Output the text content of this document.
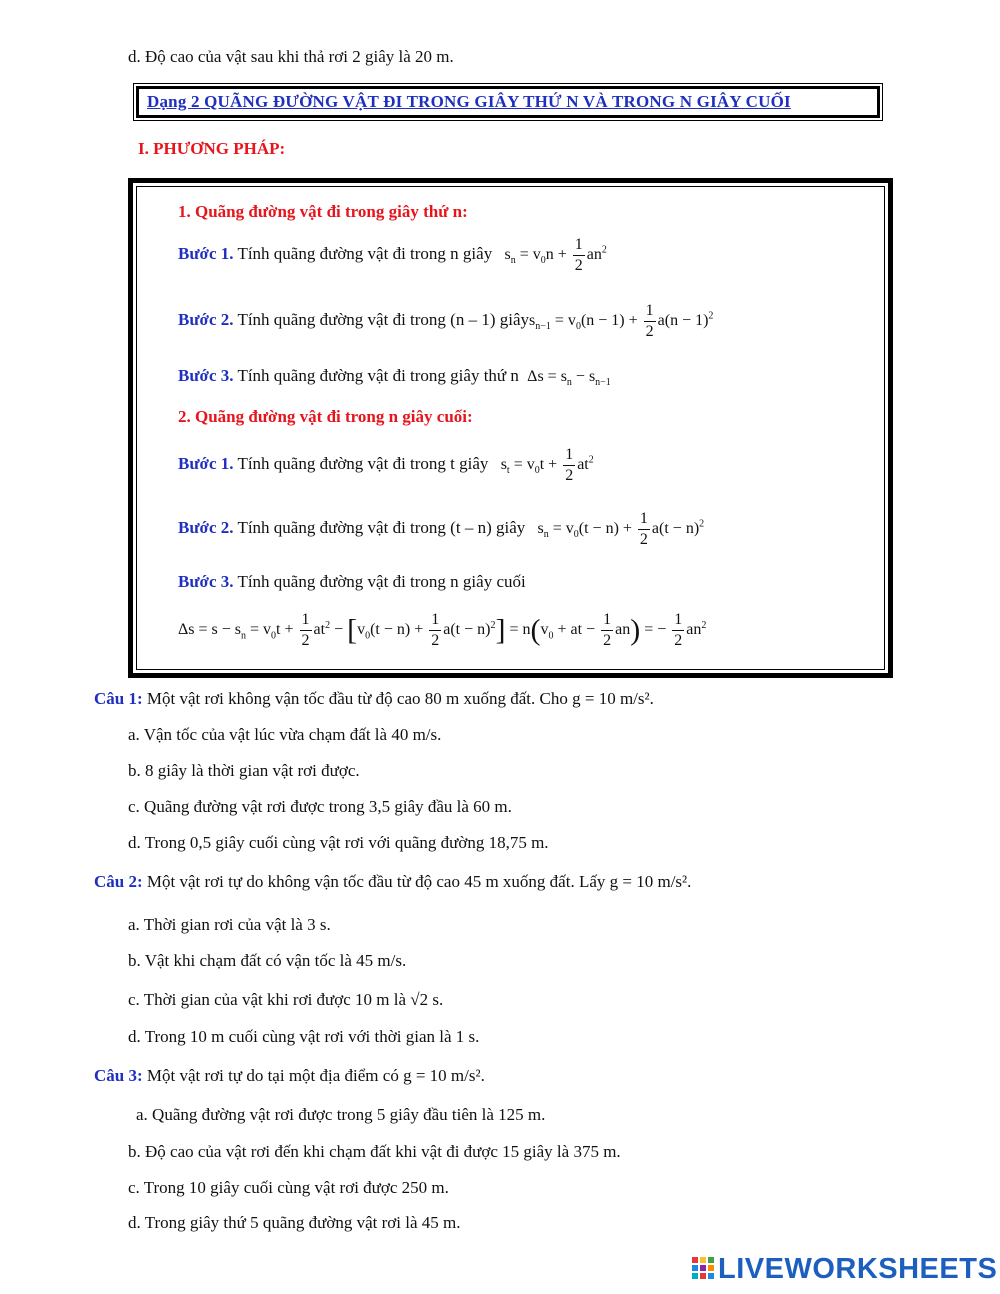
d. Độ cao của vật sau khi thả rơi 2 giây là 20 m.
Dạng 2 QUÃNG ĐƯỜNG VẬT ĐI TRONG GIÂY THỨ N VÀ TRONG N GIÂY CUỐI
I. PHƯƠNG PHÁP:
1. Quãng đường vật đi trong giây thứ n:
Bước 1. Tính quãng đường vật đi trong n giây   $s_n = v_0n + \frac{1}{2} an^2$
Bước 2. Tính quãng đường vật đi trong (n – 1) giâys$_{n-1}$ = $v_0(n - 1) + \frac{1}{2} a(n - 1)^2$
Bước 3. Tính quãng đường vật đi trong giây thứ n  $\Delta s = s_n - s_{n-1}$
2. Quãng đường vật đi trong n giây cuối:
Bước 1. Tính quãng đường vật đi trong t giây   $s_t = v_0t + \frac{1}{2} at^2$
Bước 2. Tính quãng đường vật đi trong (t – n) giây   $s_n = v_0(t - n) + \frac{1}{2} a(t - n)^2$
Bước 3. Tính quãng đường vật đi trong n giây cuối
$\Delta s = s - s_n = v_0t + \frac{1}{2} at^2 - [v_0(t - n) + \frac{1}{2} a(t - n)^2] = n(v_0$ + at − $\frac{1}{2} an$) = − $\frac{1}{2} an^2$
Câu 1: Một vật rơi không vận tốc đầu từ độ cao 80 m xuống đất. Cho g = 10 m/s².
a. Vận tốc của vật lúc vừa chạm đất là 40 m/s.
b. 8 giây là thời gian vật rơi được.
c. Quãng đường vật rơi được trong 3,5 giây đầu là 60 m.
d. Trong 0,5 giây cuối cùng vật rơi với quãng đường 18,75 m.
Câu 2: Một vật rơi tự do không vận tốc đầu từ độ cao 45 m xuống đất. Lấy g = 10 m/s².
a. Thời gian rơi của vật là 3 s.
b. Vật khi chạm đất có vận tốc là 45 m/s.
c. Thời gian của vật khi rơi được 10 m là √2 s.
d. Trong 10 m cuối cùng vật rơi với thời gian là 1 s.
Câu 3: Một vật rơi tự do tại một địa điểm có g = 10 m/s².
a. Quãng đường vật rơi được trong 5 giây đầu tiên là 125 m.
b. Độ cao của vật rơi đến khi chạm đất khi vật đi được 15 giây là 375 m.
c. Trong 10 giây cuối cùng vật rơi được 250 m.
d. Trong giây thứ 5 quãng đường vật rơi là 45 m.
LIVEWORKSHEETS
